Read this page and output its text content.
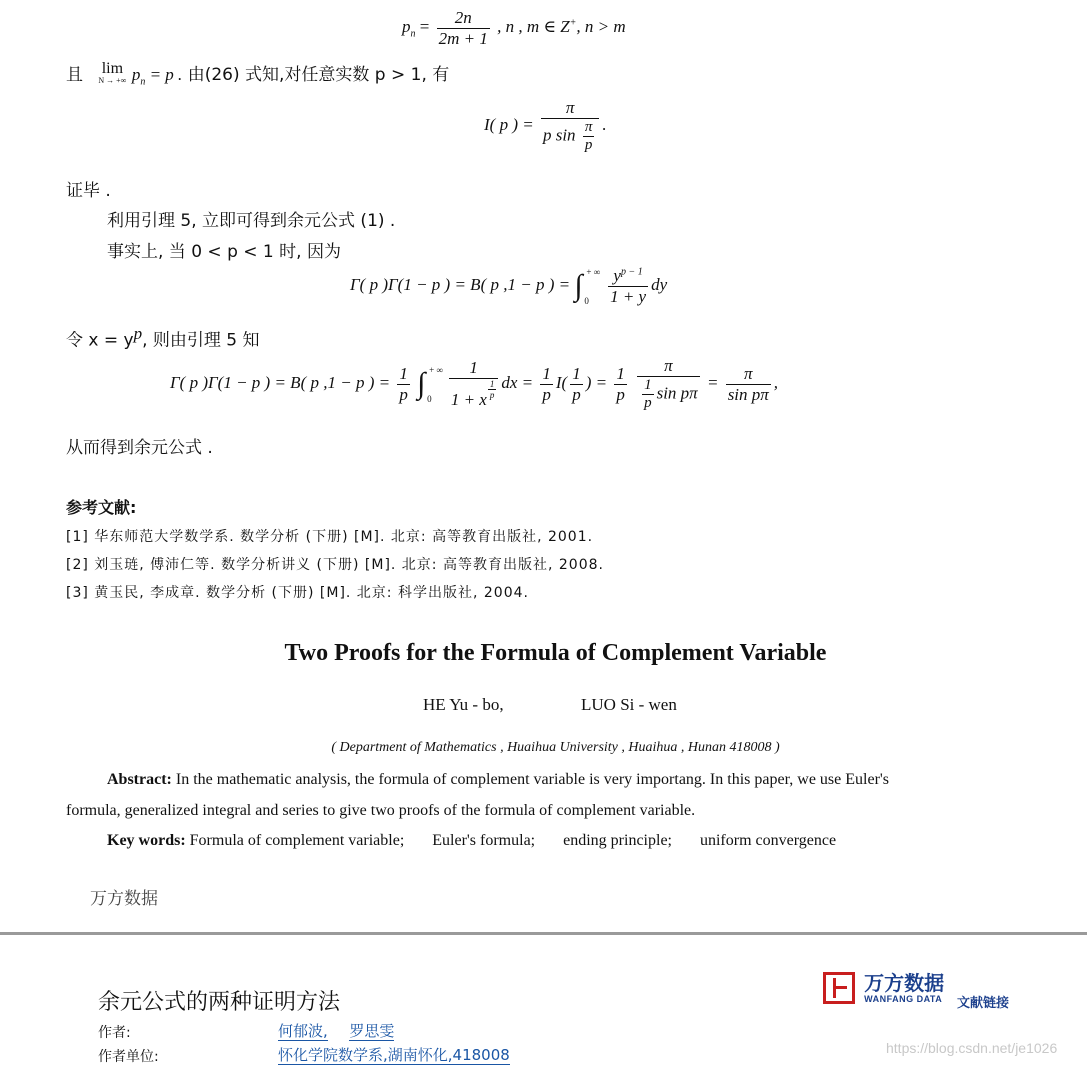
$p_n = \frac{2n}{2m + 1}$ , n , m ∈ Z+, n > m
且 lim
N → +∞ $p_n = p$ . 由(26) 式知,对任意实数 p > 1, 有
I( p ) = $\frac{\pi}{p \sin \frac{\pi}{p}}$ .
证毕 .
利用引理 5, 立即可得到余元公式 (1) .
事实上, 当 0 < p < 1 时, 因为
Γ( p )Γ(1 − p ) = B( p ,1 − p ) = ∫ + ∞
0
$\frac{y^{p - 1}}{1 + y}$ dy
令 $x = y^p$, 则由引理 5 知
Γ( p )Γ(1 − p ) = B( p ,1 − p ) = $\frac{1}{p}$ ∫ + ∞
0
$\frac{1}{1 + x \frac{1}{p}}$ dx = $\frac{1}{p} I( \frac{1}{p}$ ) = $\frac{1}{p}$
$\frac{\pi}{\frac{1}{p} \sin p\pi} = \frac{\pi}{\text{sin pπ}}$ ,
从而得到余元公式 .
参考文献:
[1] 华东师范大学数学系. 数学分析 (下册) [M]. 北京: 高等教育出版社, 2001.
[2] 刘玉琏, 傅沛仁等. 数学分析讲义 (下册) [M]. 北京: 高等教育出版社, 2008.
[3] 黄玉民, 李成章. 数学分析 (下册) [M]. 北京: 科学出版社, 2004.
Two Proofs for the Formula of Complement Variable
HE Yu - bo,	LUO Si - wen
( Department of Mathematics , Huaihua University , Huaihua , Hunan 418008 )
Abstract: In the mathematic analysis, the formula of complement variable is very importang. In this paper, we use Euler's
formula, generalized integral and series to give two proofs of the formula of complement variable.
Key words: Formula of complement variable; Euler's formula; ending principle; uniform convergence
万方数据
余元公式的两种证明方法
作者:	何郁波, 罗思雯
作者单位:	怀化学院数学系,湖南怀化,418008

万方数据
WANFANG DATA 文献链接
https://blog.csdn.net/je1026
